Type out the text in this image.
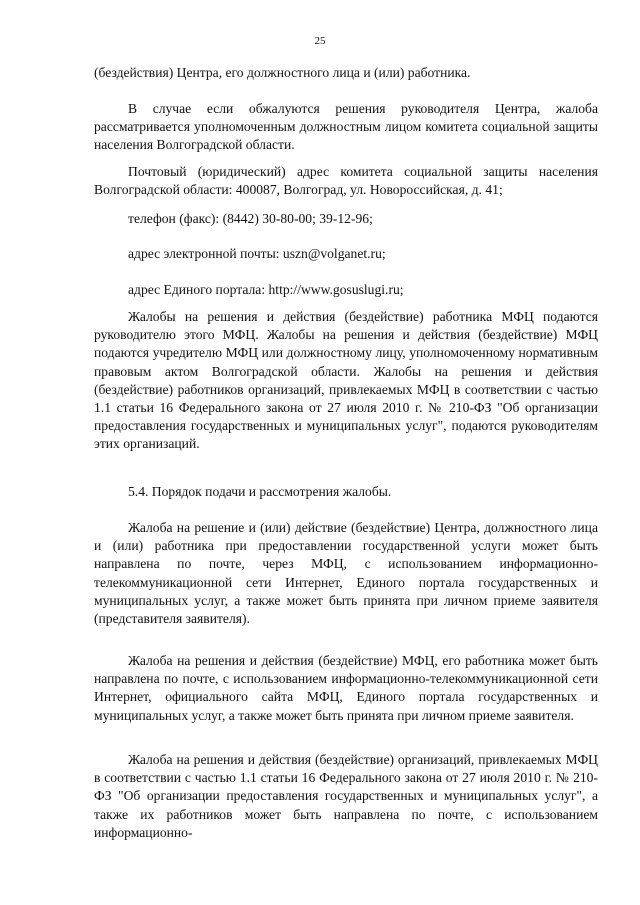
25

(бездействия) Центра, его должностного лица и (или) работника.

В случае если обжалуются решения руководителя Центра, жалоба рассматривается уполномоченным должностным лицом комитета социальной защиты населения Волгоградской области.

Почтовый (юридический) адрес комитета социальной защиты населения Волгоградской области: 400087, Волгоград, ул. Новороссийская, д. 41;

телефон (факс): (8442) 30-80-00; 39-12-96;

адрес электронной почты: uszn@volganet.ru;

адрес Единого портала: http://www.gosuslugi.ru;

Жалобы на решения и действия (бездействие) работника МФЦ подаются руководителю этого МФЦ. Жалобы на решения и действия (бездействие) МФЦ подаются учредителю МФЦ или должностному лицу, уполномоченному нормативным правовым актом Волгоградской области. Жалобы на решения и действия (бездействие) работников организаций, привлекаемых МФЦ в соответствии с частью 1.1 статьи 16 Федерального закона от 27 июля 2010 г. № 210-ФЗ "Об организации предоставления государственных и муниципальных услуг", подаются руководителям этих организаций.

5.4. Порядок подачи и рассмотрения жалобы.

Жалоба на решение и (или) действие (бездействие) Центра, должностного лица и (или) работника при предоставлении государственной услуги может быть направлена по почте, через МФЦ, с использованием информационно-телекоммуникационной сети Интернет, Единого портала государственных и муниципальных услуг, а также может быть принята при личном приеме заявителя (представителя заявителя).

Жалоба на решения и действия (бездействие) МФЦ, его работника может быть направлена по почте, с использованием информационно-телекоммуникационной сети Интернет, официального сайта МФЦ, Единого портала государственных и муниципальных услуг, а также может быть принята при личном приеме заявителя.

Жалоба на решения и действия (бездействие) организаций, привлекаемых МФЦ в соответствии с частью 1.1 статьи 16 Федерального закона от 27 июля 2010 г. № 210-ФЗ "Об организации предоставления государственных и муниципальных услуг", а также их работников может быть направлена по почте, с использованием информационно-
